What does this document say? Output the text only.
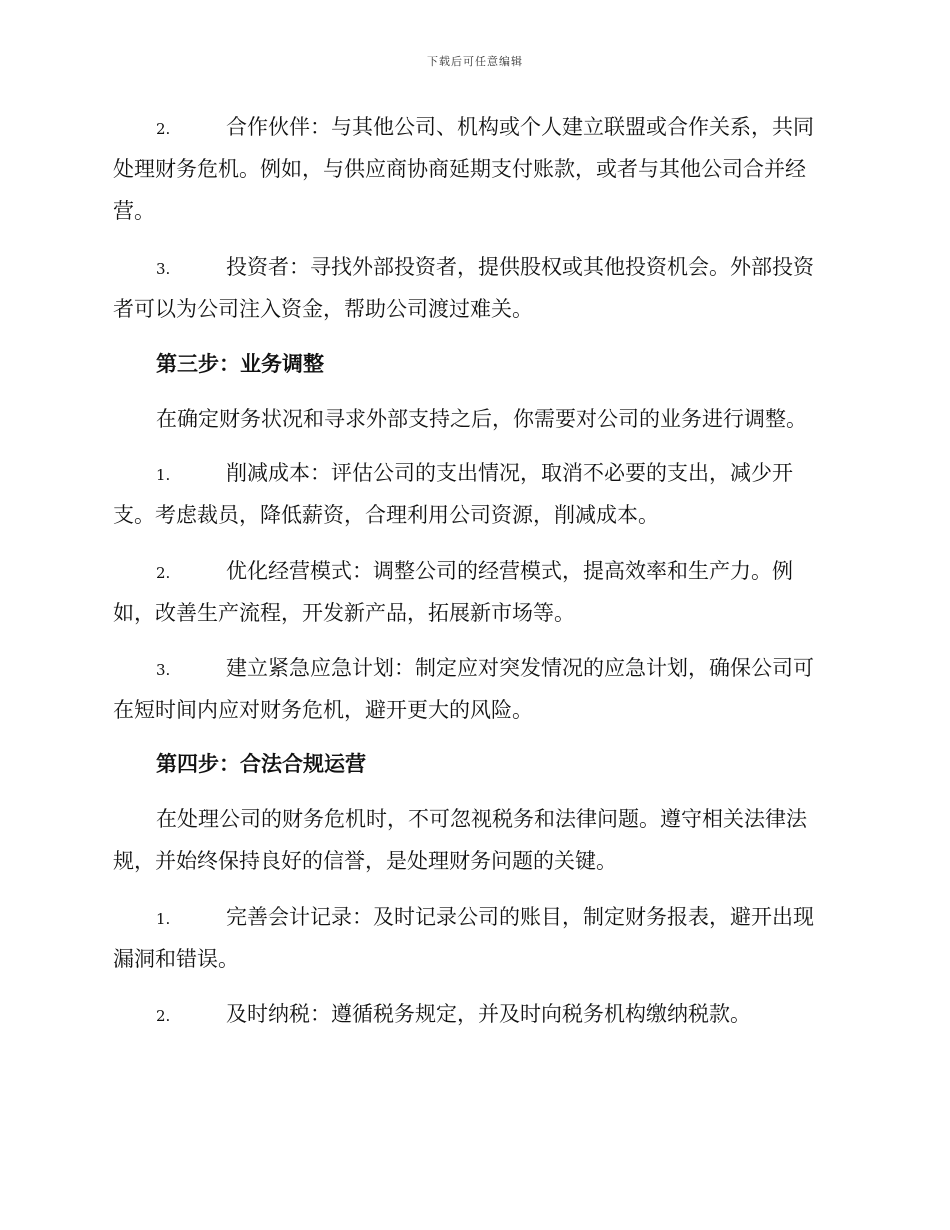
下载后可任意编辑
2.	合作伙伴：与其他公司、机构或个人建立联盟或合作关系，共同
处理财务危机。例如，与供应商协商延期支付账款，或者与其他公司合并经
营。
3.	投资者：寻找外部投资者，提供股权或其他投资机会。外部投资
者可以为公司注入资金，帮助公司渡过难关。
第三步：业务调整
在确定财务状况和寻求外部支持之后，你需要对公司的业务进行调整。
1.	削减成本：评估公司的支出情况，取消不必要的支出，减少开
支。考虑裁员，降低薪资，合理利用公司资源，削减成本。
2.	优化经营模式：调整公司的经营模式，提高效率和生产力。例
如，改善生产流程，开发新产品，拓展新市场等。
3.	建立紧急应急计划：制定应对突发情况的应急计划，确保公司可
在短时间内应对财务危机，避开更大的风险。
第四步：合法合规运营
在处理公司的财务危机时，不可忽视税务和法律问题。遵守相关法律法
规，并始终保持良好的信誉，是处理财务问题的关键。
1.	完善会计记录：及时记录公司的账目，制定财务报表，避开出现
漏洞和错误。
2.	及时纳税：遵循税务规定，并及时向税务机构缴纳税款。
